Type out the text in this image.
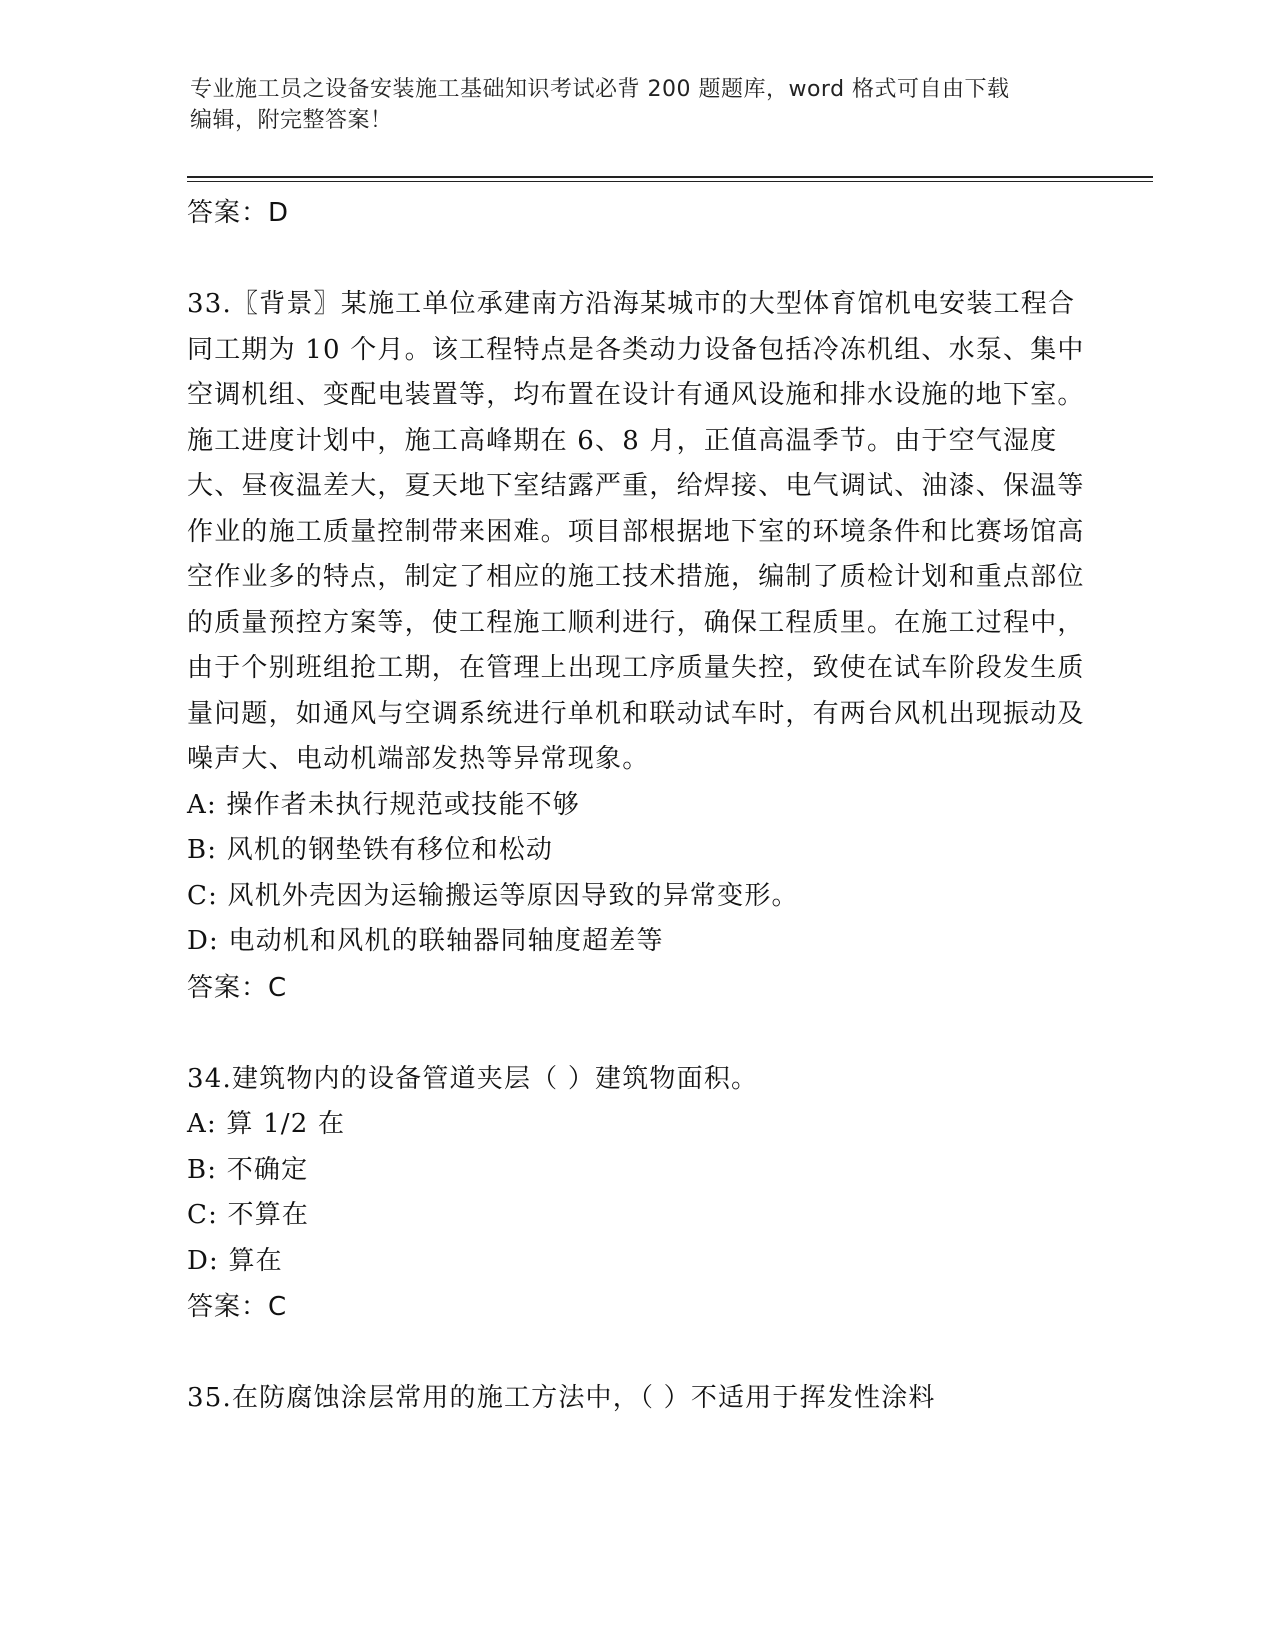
专业施工员之设备安装施工基础知识考试必背 200 题题库，word 格式可自由下载
编辑，附完整答案！
答案：D

33.〖背景〗某施工单位承建南方沿海某城市的大型体育馆机电安装工程合同工期为 10 个月。该工程特点是各类动力设备包括冷冻机组、水泵、集中空调机组、变配电装置等，均布置在设计有通风设施和排水设施的地下室。施工进度计划中，施工高峰期在 6、8 月，正值高温季节。由于空气湿度大、昼夜温差大，夏天地下室结露严重，给焊接、电气调试、油漆、保温等作业的施工质量控制带来困难。项目部根据地下室的环境条件和比赛场馆高空作业多的特点，制定了相应的施工技术措施，编制了质检计划和重点部位的质量预控方案等，使工程施工顺利进行，确保工程质里。在施工过程中，由于个别班组抢工期，在管理上出现工序质量失控，致使在试车阶段发生质量问题，如通风与空调系统进行单机和联动试车时，有两台风机出现振动及噪声大、电动机端部发热等异常现象。

A: 操作者未执行规范或技能不够
B: 风机的钢垫铁有移位和松动
C: 风机外壳因为运输搬运等原因导致的异常变形。
D: 电动机和风机的联轴器同轴度超差等
答案：C

34.建筑物内的设备管道夹层（ ）建筑物面积。

A: 算 1/2 在
B: 不确定
C: 不算在
D: 算在
答案：C

35.在防腐蚀涂层常用的施工方法中，（ ）不适用于挥发性涂料
